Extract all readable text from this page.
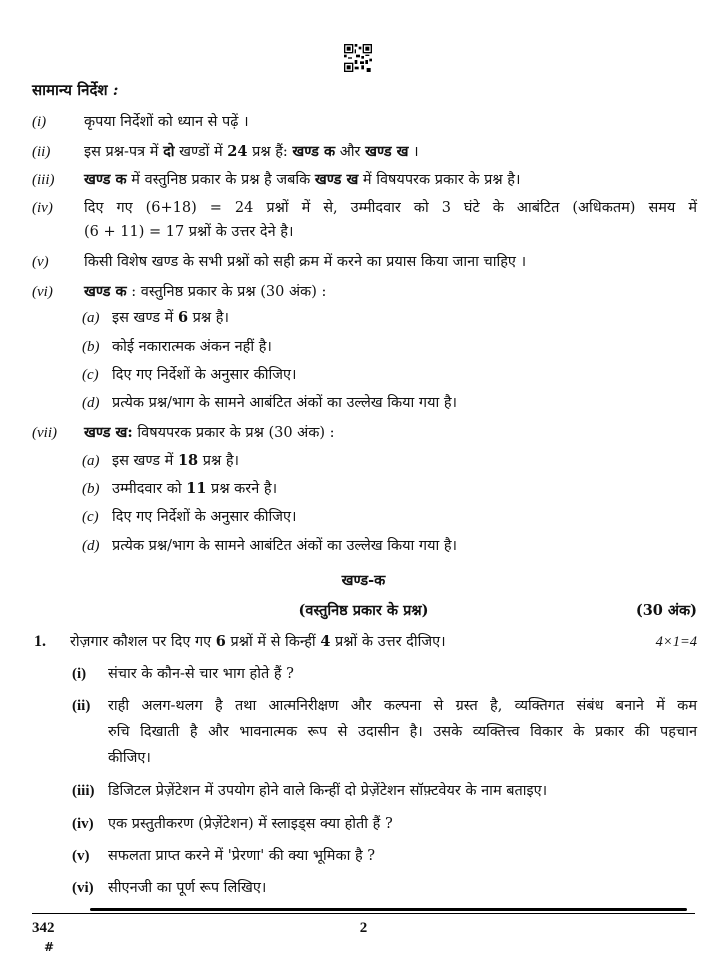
सामान्य निर्देश :
(i)	कृपया निर्देशों को ध्यान से पढ़ें ।
(ii) इस प्रश्न-पत्र में दो खण्डों में 24 प्रश्न हैं: खण्ड क और खण्ड ख ।
(iii) खण्ड क में वस्तुनिष्ठ प्रकार के प्रश्न है जबकि खण्ड ख में विषयपरक प्रकार के प्रश्न है।
(iv) दिए गए (6+18) = 24 प्रश्नों में से, उम्मीदवार को 3 घंटे के आबंटित (अधिकतम) समय में
(6 + 11) = 17 प्रश्नों के उत्तर देने है।
(v) किसी विशेष खण्ड के सभी प्रश्नों को सही क्रम में करने का प्रयास किया जाना चाहिए ।
(vi) खण्ड क : वस्तुनिष्ठ प्रकार के प्रश्न (30 अंक) :
(a) इस खण्ड में 6 प्रश्न है।
(b) कोई नकारात्मक अंकन नहीं है।
(c) दिए गए निर्देशों के अनुसार कीजिए।
(d) प्रत्येक प्रश्न/भाग के सामने आबंटित अंकों का उल्लेख किया गया है।
(vii) खण्ड ख: विषयपरक प्रकार के प्रश्न (30 अंक) :
(a) इस खण्ड में 18 प्रश्न है।
(b) उम्मीदवार को 11 प्रश्न करने है।
(c) दिए गए निर्देशों के अनुसार कीजिए।
(d) प्रत्येक प्रश्न/भाग के सामने आबंटित अंकों का उल्लेख किया गया है।
खण्ड-क
(वस्तुनिष्ठ प्रकार के प्रश्न)	(30 अंक)
1. रोज़गार कौशल पर दिए गए 6 प्रश्नों में से किन्हीं 4 प्रश्नों के उत्तर दीजिए।	4×1=4
(i) संचार के कौन-से चार भाग होते हैं ?
(ii) राही अलग-थलग है तथा आत्मनिरीक्षण और कल्पना से ग्रस्त है, व्यक्तिगत संबंध बनाने में कम
रुचि दिखाती है और भावनात्मक रूप से उदासीन है। उसके व्यक्तित्त्व विकार के प्रकार की पहचान
कीजिए।
(iii) डिजिटल प्रेज़ेंटेशन में उपयोग होने वाले किन्हीं दो प्रेज़ेंटेशन सॉफ़्टवेयर के नाम बताइए।
(iv) एक प्रस्तुतीकरण (प्रेज़ेंटेशन) में स्लाइड्स क्या होती हैं ?
(v) सफलता प्राप्त करने में 'प्रेरणा' की क्या भूमिका है ?
(vi) सीएनजी का पूर्ण रूप लिखिए।
342
#
2
